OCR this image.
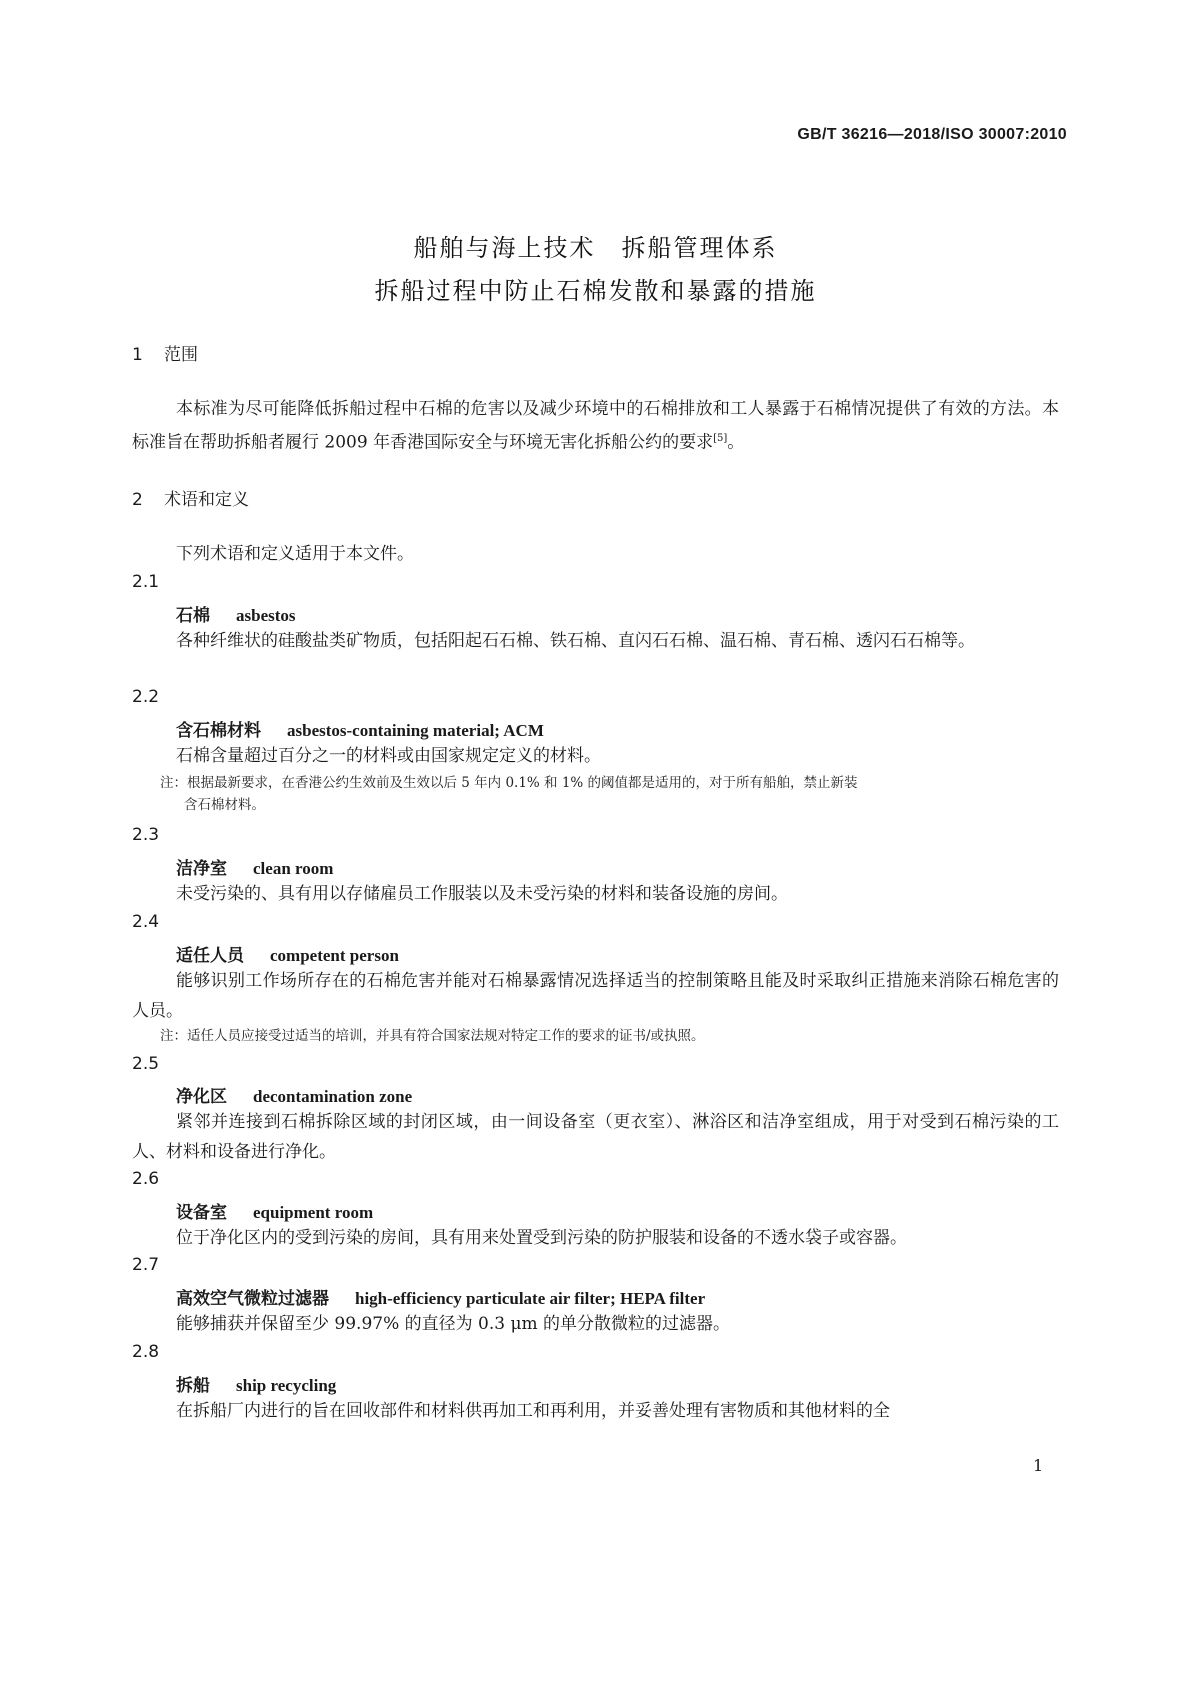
GB/T 36216—2018/ISO 30007:2010
船舶与海上技术　拆船管理体系
拆船过程中防止石棉发散和暴露的措施
1 范围
本标准为尽可能降低拆船过程中石棉的危害以及减少环境中的石棉排放和工人暴露于石棉情况提供了有效的方法。本标准旨在帮助拆船者履行 2009 年香港国际安全与环境无害化拆船公约的要求[5]。
2 术语和定义
下列术语和定义适用于本文件。
2.1
石棉 asbestos
各种纤维状的硅酸盐类矿物质，包括阳起石石棉、铁石棉、直闪石石棉、温石棉、青石棉、透闪石石棉等。
2.2
含石棉材料 asbestos-containing material; ACM
石棉含量超过百分之一的材料或由国家规定定义的材料。
注：根据最新要求，在香港公约生效前及生效以后 5 年内 0.1% 和 1% 的阈值都是适用的，对于所有船舶，禁止新装
含石棉材料。
2.3
洁净室 clean room
未受污染的、具有用以存储雇员工作服装以及未受污染的材料和装备设施的房间。
2.4
适任人员 competent person
能够识别工作场所存在的石棉危害并能对石棉暴露情况选择适当的控制策略且能及时采取纠正措施来消除石棉危害的人员。
注：适任人员应接受过适当的培训，并具有符合国家法规对特定工作的要求的证书/或执照。
2.5
净化区 decontamination zone
紧邻并连接到石棉拆除区域的封闭区域，由一间设备室（更衣室）、淋浴区和洁净室组成，用于对受到石棉污染的工人、材料和设备进行净化。
2.6
设备室 equipment room
位于净化区内的受到污染的房间，具有用来处置受到污染的防护服装和设备的不透水袋子或容器。
2.7
高效空气微粒过滤器 high-efficiency particulate air filter; HEPA filter
能够捕获并保留至少 99.97% 的直径为 0.3 μm 的单分散微粒的过滤器。
2.8
拆船 ship recycling
在拆船厂内进行的旨在回收部件和材料供再加工和再利用，并妥善处理有害物质和其他材料的全
1
